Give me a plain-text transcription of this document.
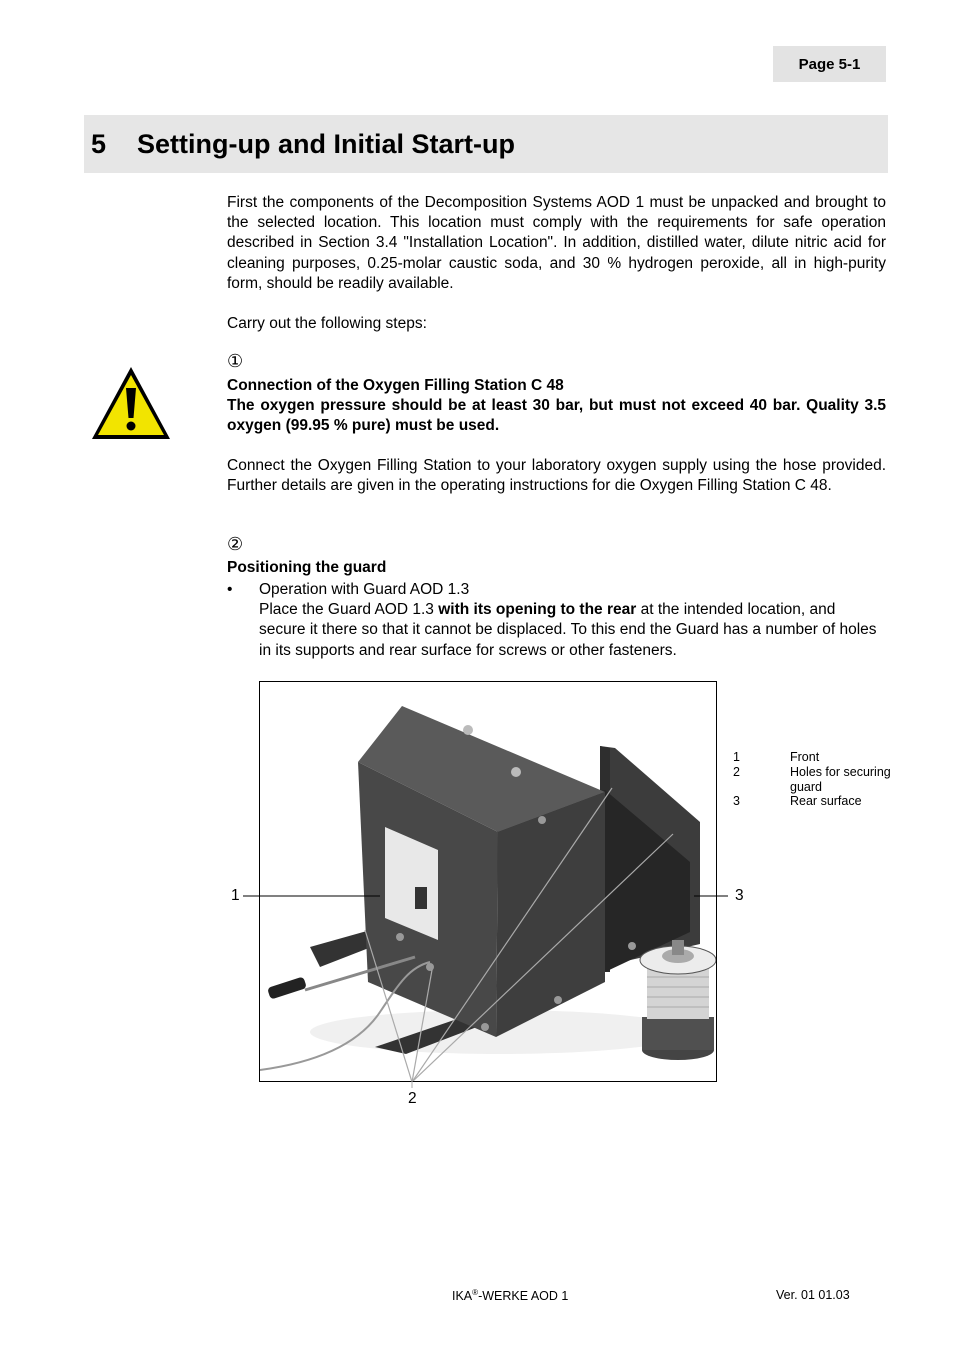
Page 5-1
5	Setting-up and Initial Start-up
First the components of the Decomposition Systems AOD 1 must be unpacked and brought to the selected location. This location must comply with the requirements for safe operation described in Section 3.4 "Installation Location". In addition, distilled water, dilute nitric acid for cleaning purposes, 0.25-molar caustic soda, and 30 % hydrogen peroxide, all in high-purity form, should be readily available.
Carry out the following steps:
①
Connection of the Oxygen Filling Station C 48
The oxygen pressure should be at least 30 bar, but must not exceed 40 bar. Quality 3.5 oxygen (99.95 % pure) must be used.
Connect the Oxygen Filling Station to your laboratory oxygen supply using the hose provided. Further details are given in the operating instructions for die Oxygen Filling Station C 48.
②
Positioning the guard
• Operation with Guard AOD 1.3
Place the Guard AOD 1.3 with its opening to the rear at the intended location, and secure it there so that it cannot be displaced. To this end the Guard has a number of holes in its supports and rear surface for screws or other fasteners.
1	3
2
1	Front
2	Holes for securing guard
3	Rear surface
IKA®-WERKE AOD 1	Ver. 01 01.03
